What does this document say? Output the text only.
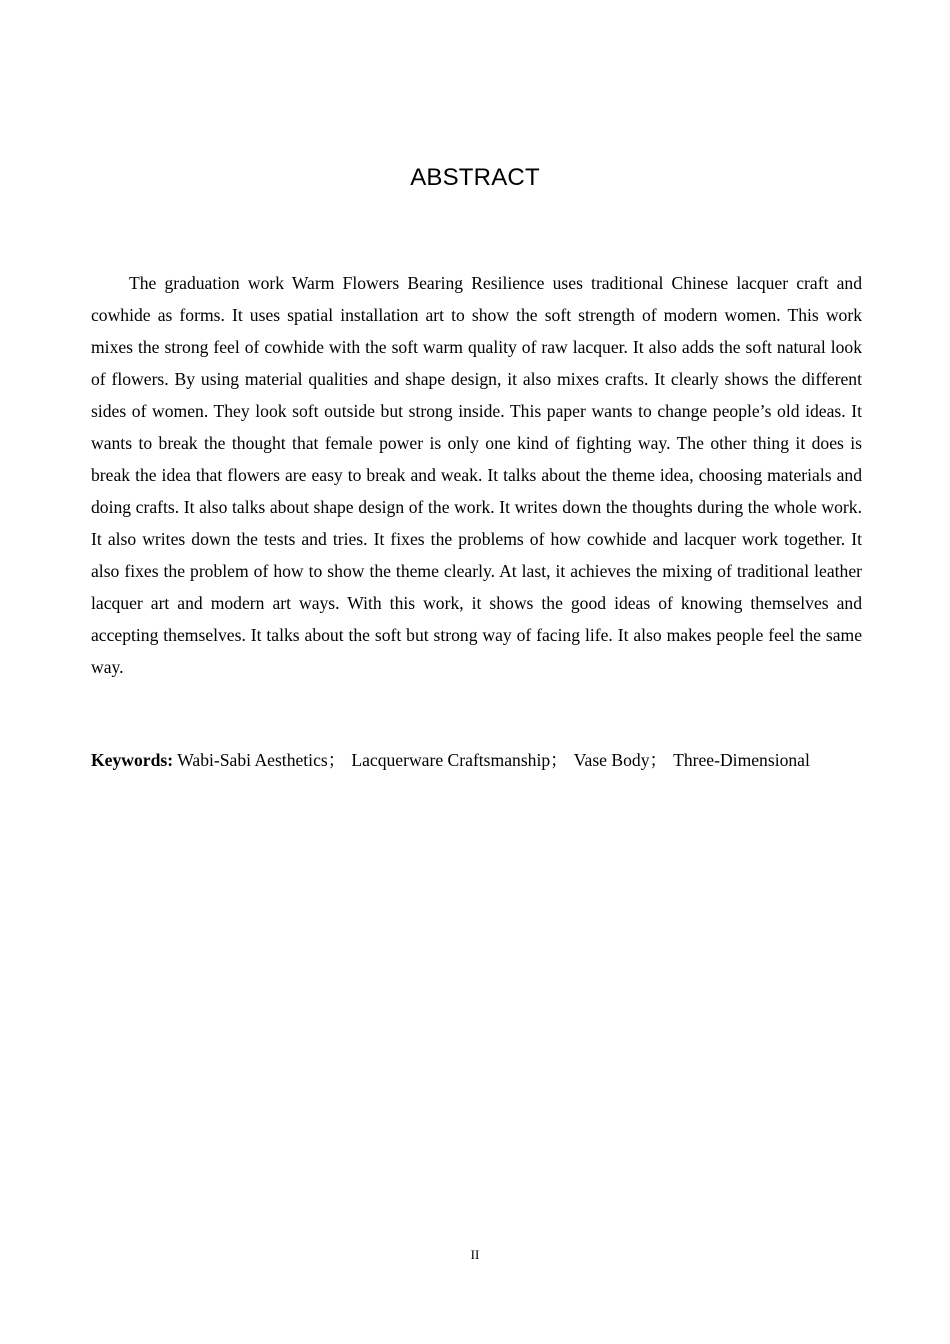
ABSTRACT

The graduation work Warm Flowers Bearing Resilience uses traditional Chinese lacquer craft and cowhide as forms. It uses spatial installation art to show the soft strength of modern women. This work mixes the strong feel of cowhide with the soft warm quality of raw lacquer. It also adds the soft natural look of flowers. By using material qualities and shape design, it also mixes crafts. It clearly shows the different sides of women. They look soft outside but strong inside. This paper wants to change people’s old ideas. It wants to break the thought that female power is only one kind of fighting way. The other thing it does is break the idea that flowers are easy to break and weak. It talks about the theme idea, choosing materials and doing crafts. It also talks about shape design of the work. It writes down the thoughts during the whole work. It also writes down the tests and tries. It fixes the problems of how cowhide and lacquer work together. It also fixes the problem of how to show the theme clearly. At last, it achieves the mixing of traditional leather lacquer art and modern art ways. With this work, it shows the good ideas of knowing themselves and accepting themselves. It talks about the soft but strong way of facing life. It also makes people feel the same way.

Keywords: Wabi-Sabi Aesthetics； Lacquerware Craftsmanship； Vase Body； Three-Dimensional

II
